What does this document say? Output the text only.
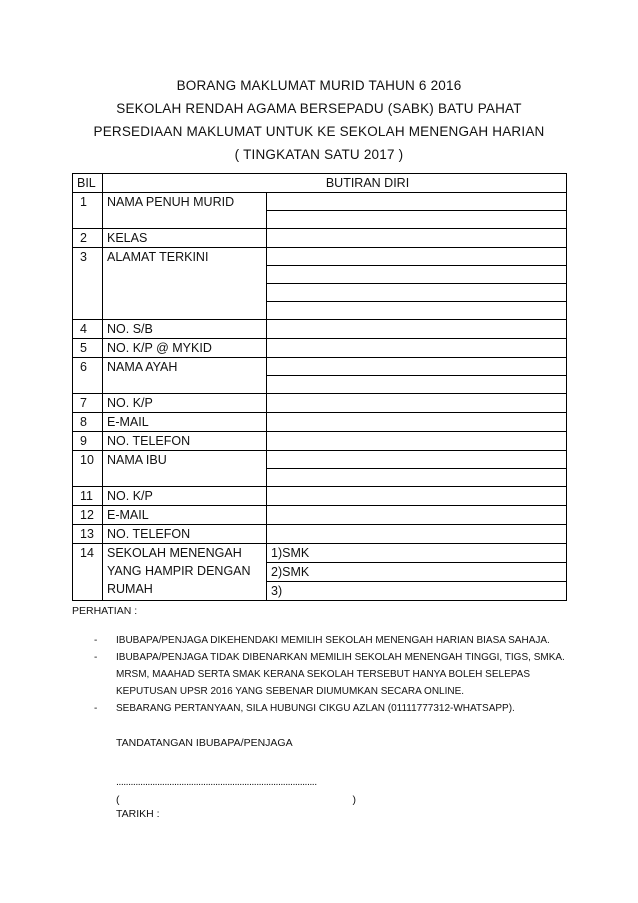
BORANG MAKLUMAT MURID TAHUN 6 2016
SEKOLAH RENDAH AGAMA BERSEPADU (SABK) BATU PAHAT
PERSEDIAAN MAKLUMAT UNTUK KE SEKOLAH MENENGAH HARIAN
( TINGKATAN SATU 2017 )
BIL	BUTIRAN DIRI	
1	NAMA PENUH MURID	

2	KELAS	
3	ALAMAT TERKINI	

4	NO. S/B	
5	NO. K/P @ MYKID	
6	NAMA AYAH	

7	NO. K/P	
8	E-MAIL	
9	NO. TELEFON	
10	NAMA IBU	

11	NO. K/P	
12	E-MAIL	
13	NO. TELEFON	
14	SEKOLAH MENENGAH
YANG HAMPIR DENGAN
RUMAH	1)SMK
		2)SMK
		3)
PERHATIAN :
- IBUBAPA/PENJAGA DIKEHENDAKI MEMILIH SEKOLAH MENENGAH HARIAN BIASA SAHAJA.
- IBUBAPA/PENJAGA TIDAK DIBENARKAN MEMILIH SEKOLAH MENENGAH TINGGI, TIGS, SMKA. MRSM, MAAHAD SERTA SMAK KERANA SEKOLAH TERSEBUT HANYA BOLEH SELEPAS KEPUTUSAN UPSR 2016 YANG SEBENAR DIUMUMKAN SECARA ONLINE.
- SEBARANG PERTANYAAN, SILA HUBUNGI CIKGU AZLAN (01111777312-WHATSAPP).
TANDATANGAN IBUBAPA/PENJAGA
...................................................................................
(	)
TARIKH :
